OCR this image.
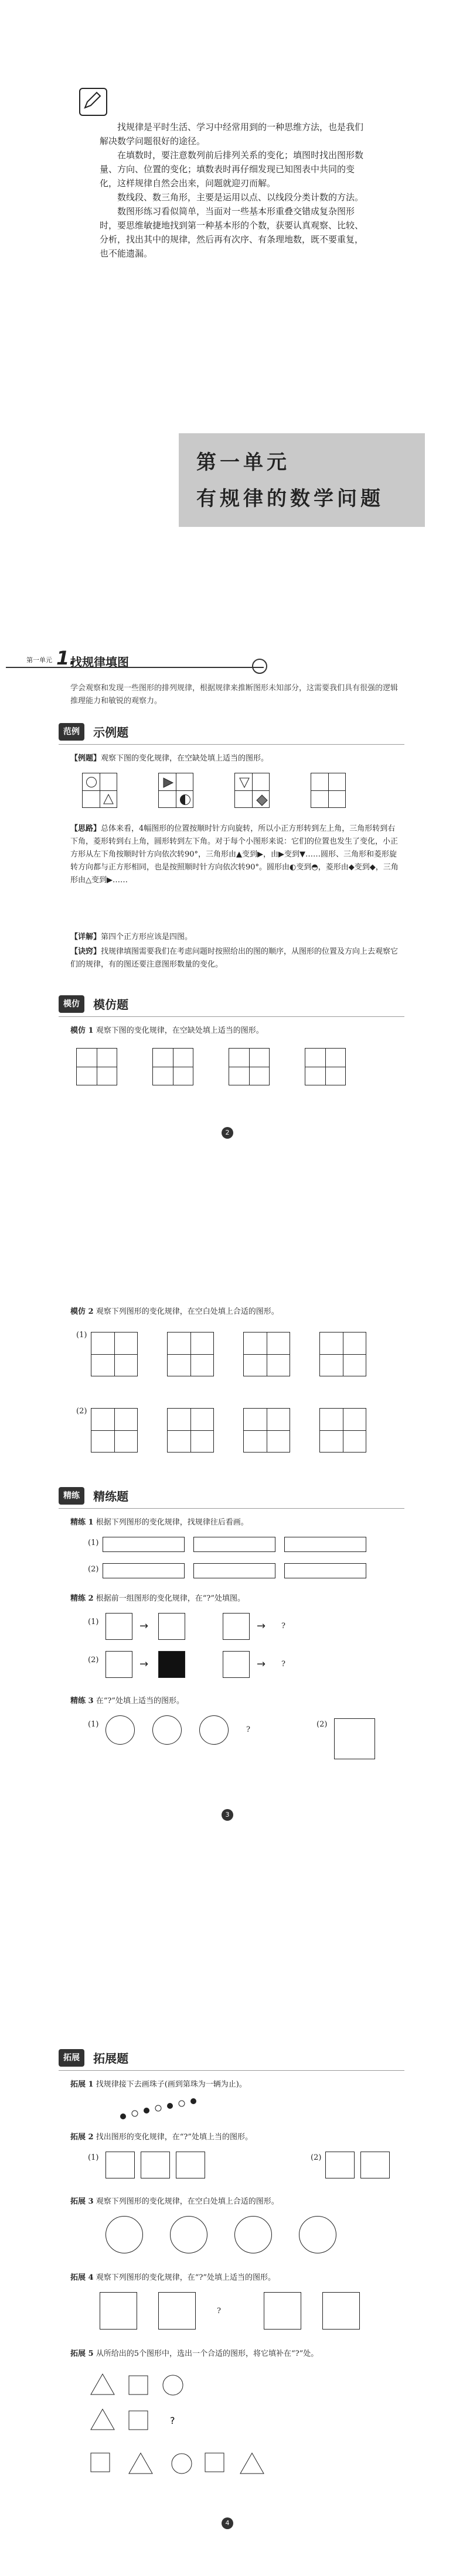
找规律是平时生活、学习中经常用到的一种思维方法，也是我们解决数学问题很好的途径。

在填数时，要注意数列前后排列关系的变化；填图时找出图形数量、方向、位置的变化；填数表时再仔细发现已知图表中共同的变化，这样规律自然会出来，问题就迎刃而解。

数线段、数三角形，主要是运用以点、以线段分类计数的方法。

数图形练习看似简单，当面对一些基本形重叠交错成复杂图形时，要思维敏捷地找到第一种基本形的个数，获要认真观察、比较、分析，找出其中的规律，然后再有次序、有条理地数，既不要重复，也不能遗漏。

第一单元
有规律的数学问题
第一单元 1.
找规律填图
学会观察和发现一些图形的排列规律，根据规律来推断图形未知部分，这需要我们具有很强的逻辑推理能力和敏锐的观察力。
范例 示例题
【例题】观察下图的变化规律，在空缺处填上适当的图形。
【思路】总体来看，4幅图形的位置按顺时针方向旋转，所以小正方形转到左上角，三角形转到右下角，菱形转到右上角，圆形转到左下角。对于每个小图形来说：它们的位置也发生了变化，小正方形从左下角按顺时针方向依次转90°，三角形由▲变到▶，由▶变到▼……圆形、三角形和菱形旋转方向都与正方形相同，也是按照顺时针方向依次转90°。圆形由◐变到◓，菱形由◆变到◆，三角形由△变到▶……
【详解】第四个正方形应该是四图。
【诀窍】找规律填图需要我们在考虑问题时按照给出的图的顺序，从图形的位置及方向上去观察它们的规律，有的图还要注意图形数量的变化。
模仿 模仿题
模仿 1 观察下图的变化规律，在空缺处填上适当的图形。
2
模仿 2 观察下列图形的变化规律，在空白处填上合适的图形。
(1)
(2)
精练 精练题
精练 1 根据下列图形的变化规律，找规律往后看画。
(1)
(2)
精练 2 根据前一组图形的变化规律，在“?”处填图。
(1)	→	→ ?
(2)	→	→ ?
精练 3 在“?”处填上适当的图形。
(1)
?
(2)
3
拓展 拓展题
拓展 1 找规律接下去画珠子(画到第珠为一辆为止)。
拓展 2 找出图形的变化规律，在“?”处填上当的图形。
(1)	(2)
拓展 3 观察下列图形的变化规律，在空白处填上合适的图形。
拓展 4 观察下列图形的变化规律，在“?”处填上适当的图形。
?
拓展 5 从所给出的5个图形中，选出一个合适的图形，将它填补在“?”处。
?
4
